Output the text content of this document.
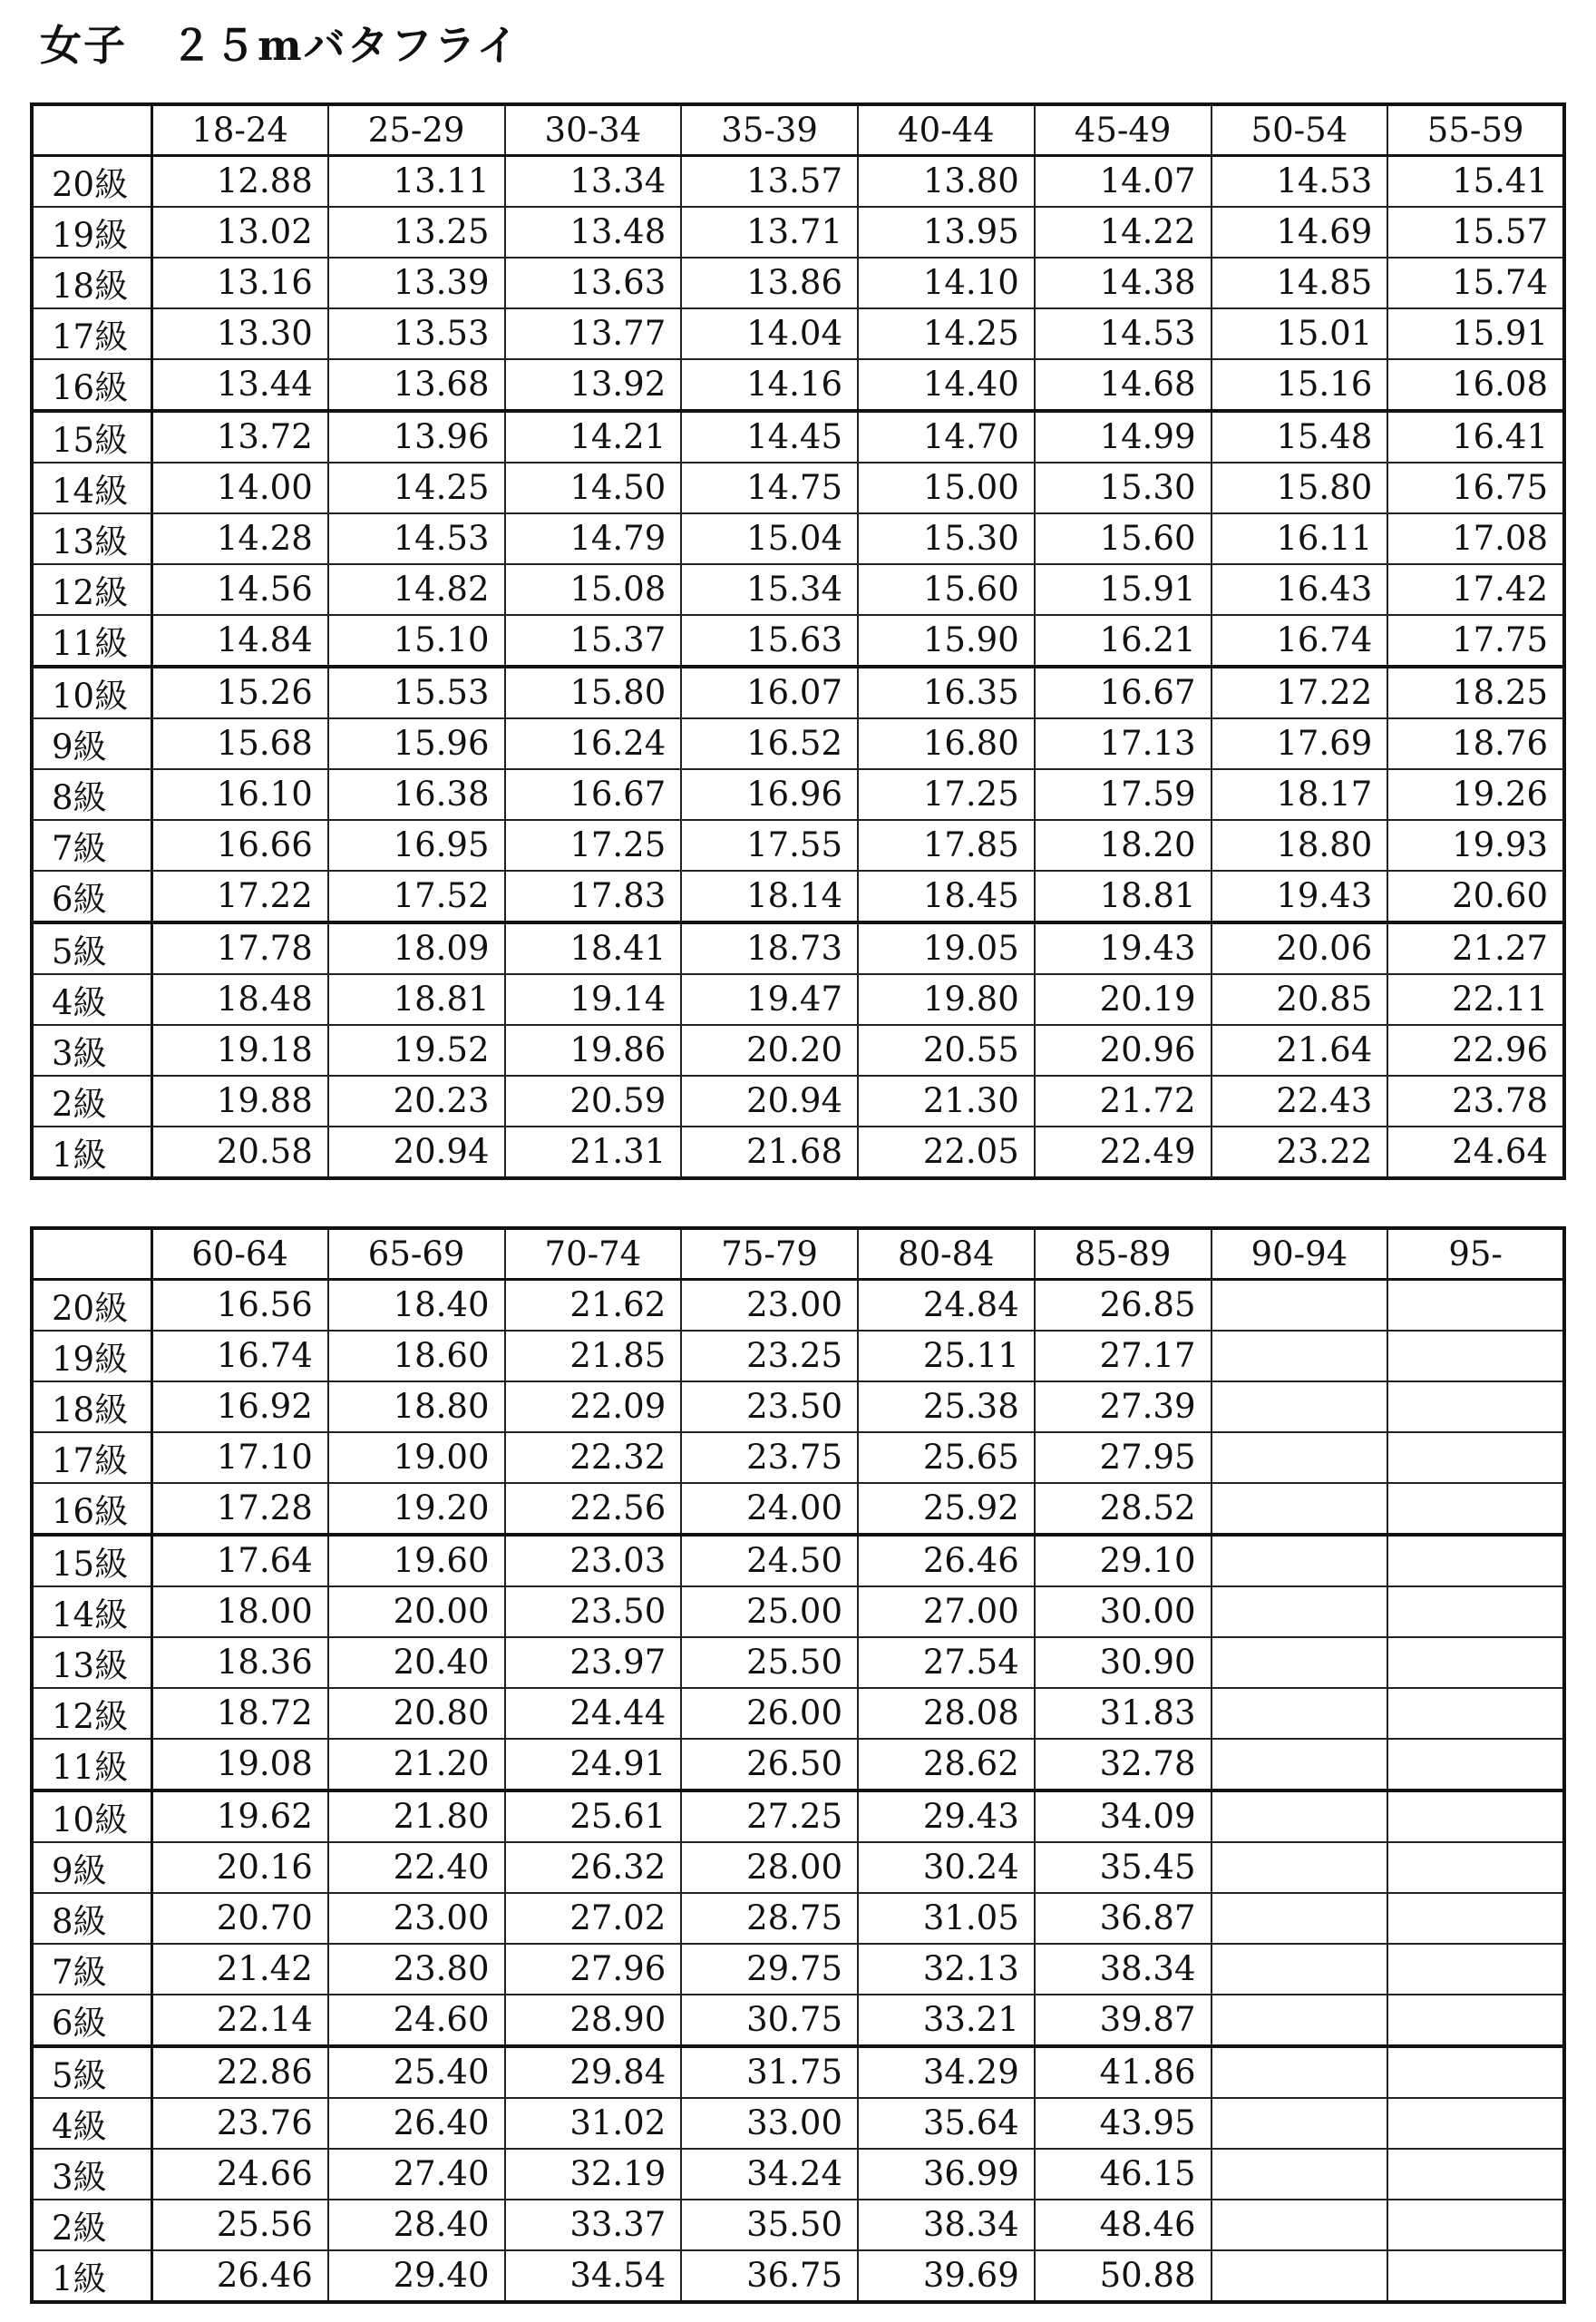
女子　２５mバタフライ
	18-24	25-29	30-34	35-39	40-44	45-49	50-54	55-59
20級	12.88	13.11	13.34	13.57	13.80	14.07	14.53	15.41
19級	13.02	13.25	13.48	13.71	13.95	14.22	14.69	15.57
18級	13.16	13.39	13.63	13.86	14.10	14.38	14.85	15.74
17級	13.30	13.53	13.77	14.04	14.25	14.53	15.01	15.91
16級	13.44	13.68	13.92	14.16	14.40	14.68	15.16	16.08
15級	13.72	13.96	14.21	14.45	14.70	14.99	15.48	16.41
14級	14.00	14.25	14.50	14.75	15.00	15.30	15.80	16.75
13級	14.28	14.53	14.79	15.04	15.30	15.60	16.11	17.08
12級	14.56	14.82	15.08	15.34	15.60	15.91	16.43	17.42
11級	14.84	15.10	15.37	15.63	15.90	16.21	16.74	17.75
10級	15.26	15.53	15.80	16.07	16.35	16.67	17.22	18.25
9級	15.68	15.96	16.24	16.52	16.80	17.13	17.69	18.76
8級	16.10	16.38	16.67	16.96	17.25	17.59	18.17	19.26
7級	16.66	16.95	17.25	17.55	17.85	18.20	18.80	19.93
6級	17.22	17.52	17.83	18.14	18.45	18.81	19.43	20.60
5級	17.78	18.09	18.41	18.73	19.05	19.43	20.06	21.27
4級	18.48	18.81	19.14	19.47	19.80	20.19	20.85	22.11
3級	19.18	19.52	19.86	20.20	20.55	20.96	21.64	22.96
2級	19.88	20.23	20.59	20.94	21.30	21.72	22.43	23.78
1級	20.58	20.94	21.31	21.68	22.05	22.49	23.22	24.64
	60-64	65-69	70-74	75-79	80-84	85-89	90-94	95-
20級	16.56	18.40	21.62	23.00	24.84	26.85		
19級	16.74	18.60	21.85	23.25	25.11	27.17		
18級	16.92	18.80	22.09	23.50	25.38	27.39		
17級	17.10	19.00	22.32	23.75	25.65	27.95		
16級	17.28	19.20	22.56	24.00	25.92	28.52		
15級	17.64	19.60	23.03	24.50	26.46	29.10		
14級	18.00	20.00	23.50	25.00	27.00	30.00		
13級	18.36	20.40	23.97	25.50	27.54	30.90		
12級	18.72	20.80	24.44	26.00	28.08	31.83		
11級	19.08	21.20	24.91	26.50	28.62	32.78		
10級	19.62	21.80	25.61	27.25	29.43	34.09		
9級	20.16	22.40	26.32	28.00	30.24	35.45		
8級	20.70	23.00	27.02	28.75	31.05	36.87		
7級	21.42	23.80	27.96	29.75	32.13	38.34		
6級	22.14	24.60	28.90	30.75	33.21	39.87		
5級	22.86	25.40	29.84	31.75	34.29	41.86		
4級	23.76	26.40	31.02	33.00	35.64	43.95		
3級	24.66	27.40	32.19	34.24	36.99	46.15		
2級	25.56	28.40	33.37	35.50	38.34	48.46		
1級	26.46	29.40	34.54	36.75	39.69	50.88		
